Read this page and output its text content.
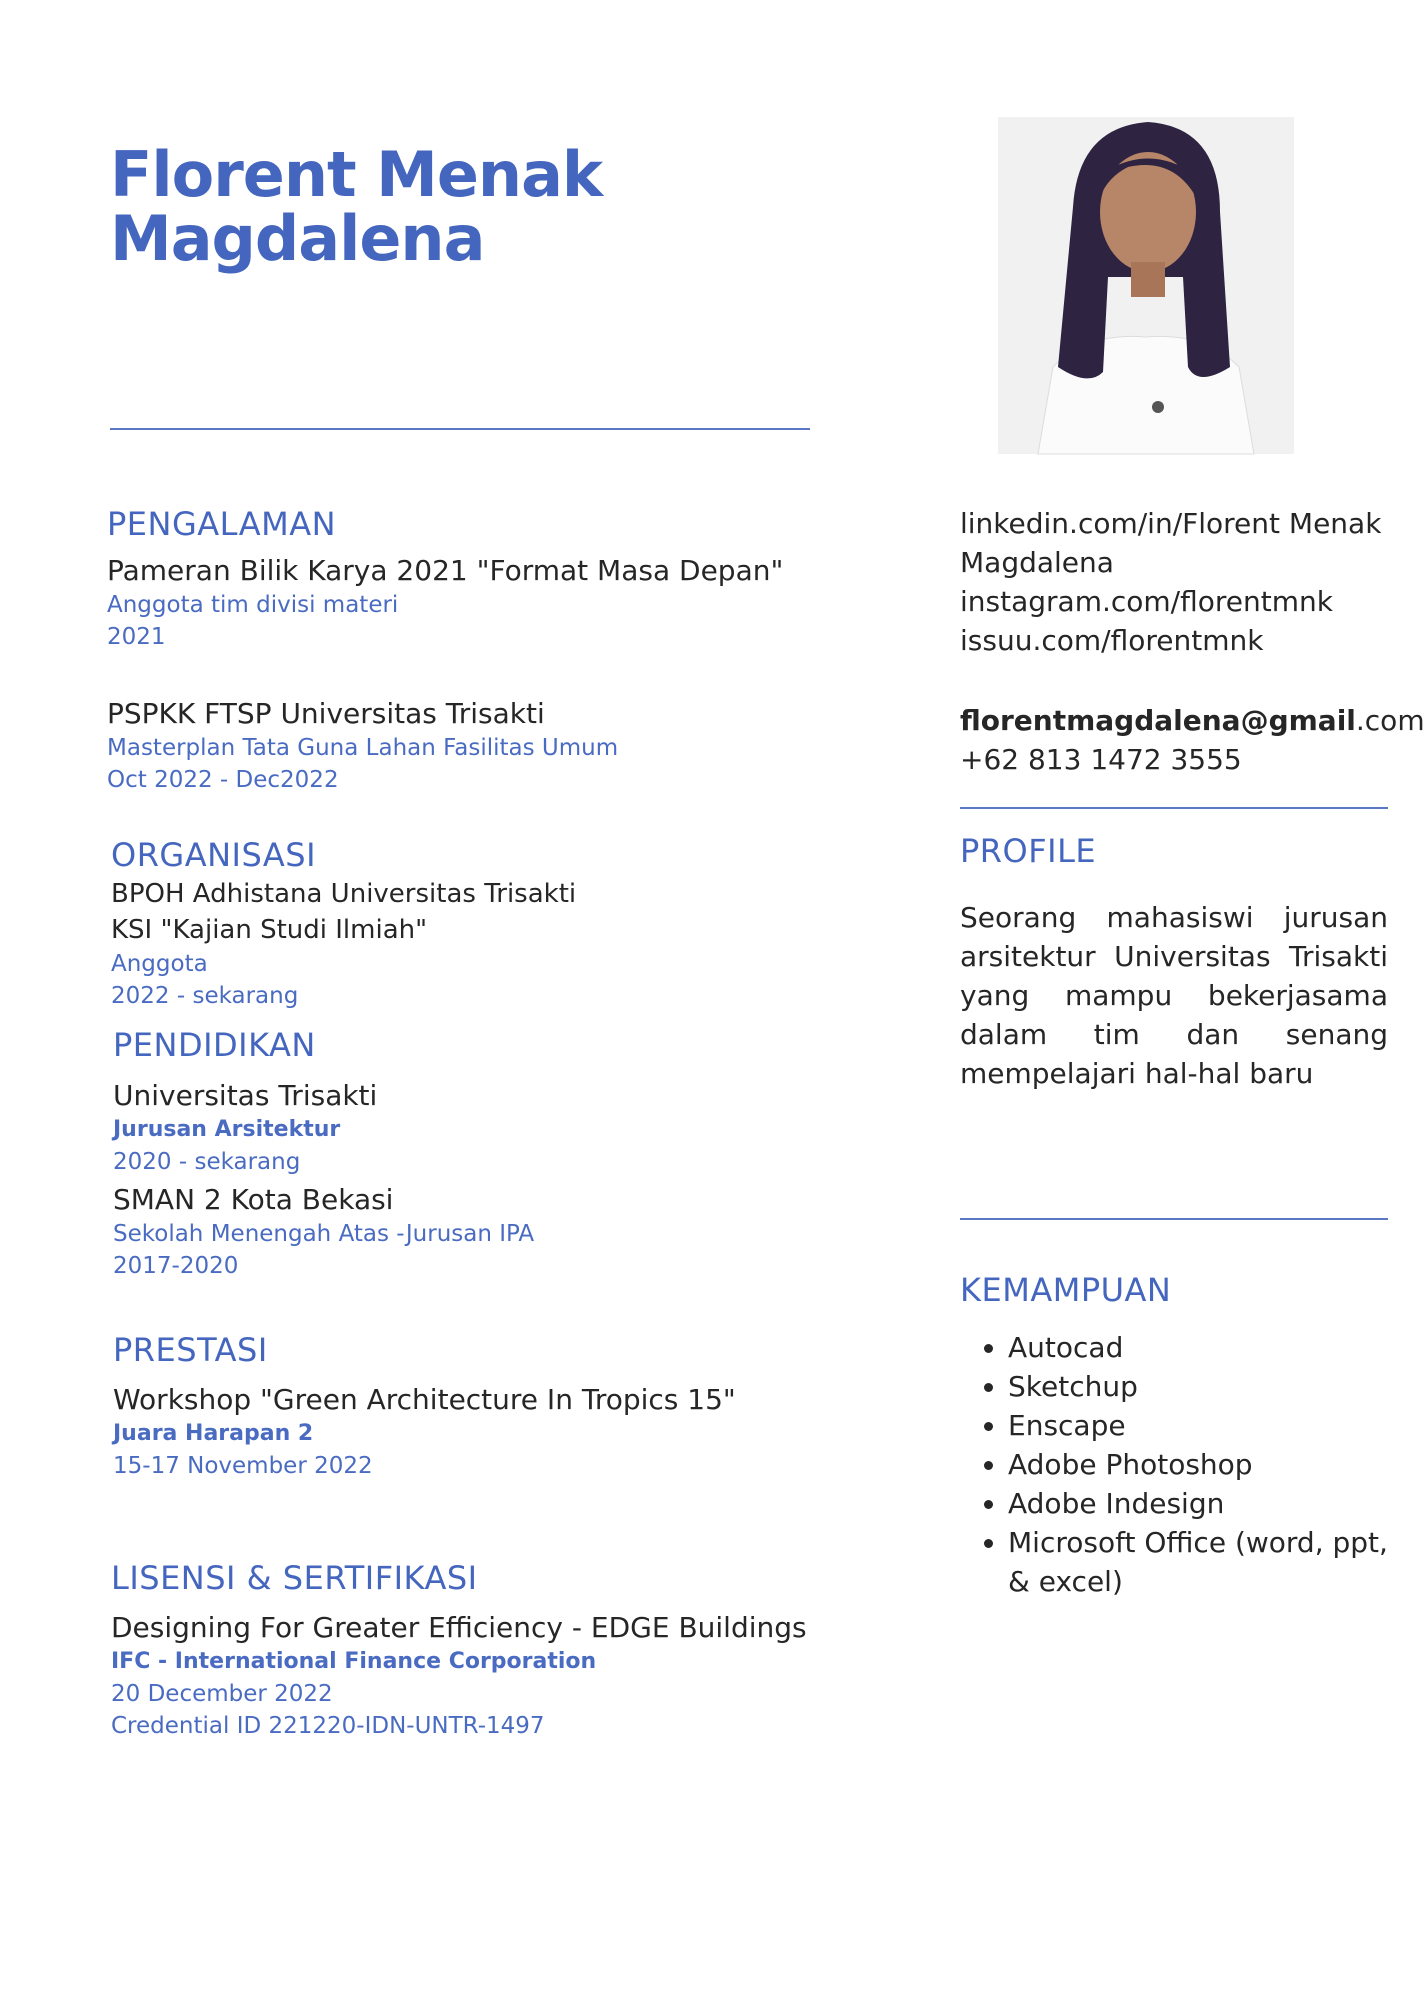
Florent Menak
Magdalena
PENGALAMAN
Pameran Bilik Karya 2021 "Format Masa Depan"
Anggota tim divisi materi
2021
PSPKK FTSP Universitas Trisakti
Masterplan Tata Guna Lahan Fasilitas Umum
Oct 2022 - Dec2022
ORGANISASI
BPOH Adhistana Universitas Trisakti
KSI "Kajian Studi Ilmiah"
Anggota
2022 - sekarang
PENDIDIKAN
Universitas Trisakti
Jurusan Arsitektur
2020 - sekarang
SMAN 2 Kota Bekasi
Sekolah Menengah Atas -Jurusan IPA
2017-2020
PRESTASI
Workshop "Green Architecture In Tropics 15"
Juara Harapan 2
15-17 November 2022
LISENSI & SERTIFIKASI
Designing For Greater Efficiency - EDGE Buildings
IFC - International Finance Corporation
20 December 2022
Credential ID 221220-IDN-UNTR-1497
linkedin.com/in/Florent Menak
Magdalena
instagram.com/florentmnk
issuu.com/florentmnk
florentmagdalena@gmail.com
+62 813 1472 3555
PROFILE
Seorang mahasiswi jurusan
arsitektur Universitas Trisakti
yang mampu bekerjasama
dalam tim dan senang
mempelajari hal-hal baru
KEMAMPUAN
• Autocad
• Sketchup
• Enscape
• Adobe Photoshop
• Adobe Indesign
• Microsoft Office (word, ppt,
& excel)
